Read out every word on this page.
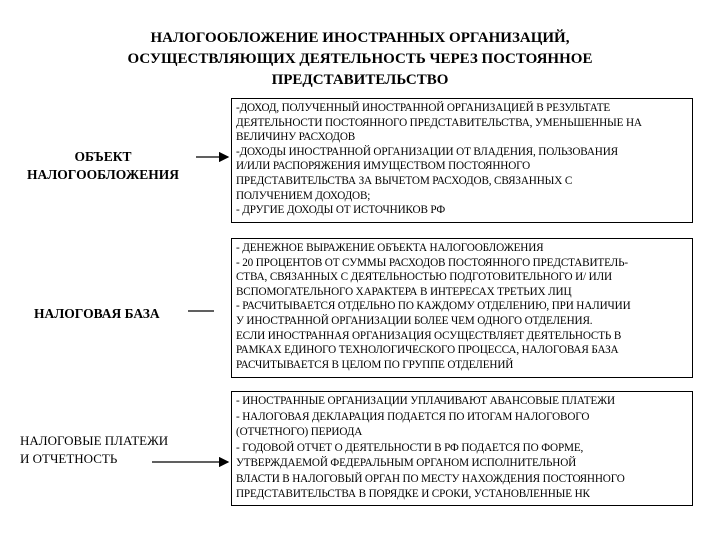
НАЛОГООБЛОЖЕНИЕ ИНОСТРАННЫХ ОРГАНИЗАЦИЙ,
ОСУЩЕСТВЛЯЮЩИХ ДЕЯТЕЛЬНОСТЬ ЧЕРЕЗ ПОСТОЯННОЕ
ПРЕДСТАВИТЕЛЬСТВО
ОБЪЕКТ
НАЛОГООБЛОЖЕНИЯ
-ДОХОД, ПОЛУЧЕННЫЙ ИНОСТРАННОЙ ОРГАНИЗАЦИЕЙ В РЕЗУЛЬТАТЕ
ДЕЯТЕЛЬНОСТИ ПОСТОЯННОГО ПРЕДСТАВИТЕЛЬСТВА, УМЕНЬШЕННЫЕ НА
ВЕЛИЧИНУ РАСХОДОВ
-ДОХОДЫ ИНОСТРАННОЙ ОРГАНИЗАЦИИ ОТ ВЛАДЕНИЯ, ПОЛЬЗОВАНИЯ
И/ИЛИ РАСПОРЯЖЕНИЯ ИМУЩЕСТВОМ ПОСТОЯННОГО
ПРЕДСТАВИТЕЛЬСТВА ЗА ВЫЧЕТОМ РАСХОДОВ, СВЯЗАННЫХ С
ПОЛУЧЕНИЕМ ДОХОДОВ;
- ДРУГИЕ ДОХОДЫ ОТ ИСТОЧНИКОВ РФ
НАЛОГОВАЯ БАЗА
- ДЕНЕЖНОЕ ВЫРАЖЕНИЕ ОБЪЕКТА НАЛОГООБЛОЖЕНИЯ
- 20 ПРОЦЕНТОВ ОТ СУММЫ РАСХОДОВ ПОСТОЯННОГО ПРЕДСТАВИТЕЛЬ-
СТВА, СВЯЗАННЫХ С ДЕЯТЕЛЬНОСТЬЮ ПОДГОТОВИТЕЛЬНОГО И/ ИЛИ
ВСПОМОГАТЕЛЬНОГО ХАРАКТЕРА В ИНТЕРЕСАХ ТРЕТЬИХ ЛИЦ
- РАСЧИТЫВАЕТСЯ ОТДЕЛЬНО ПО КАЖДОМУ ОТДЕЛЕНИЮ, ПРИ НАЛИЧИИ
У ИНОСТРАННОЙ ОРГАНИЗАЦИИ БОЛЕЕ ЧЕМ ОДНОГО ОТДЕЛЕНИЯ.
ЕСЛИ ИНОСТРАННАЯ ОРГАНИЗАЦИЯ ОСУЩЕСТВЛЯЕТ ДЕЯТЕЛЬНОСТЬ В
РАМКАХ ЕДИНОГО ТЕХНОЛОГИЧЕСКОГО ПРОЦЕССА, НАЛОГОВАЯ БАЗА
РАСЧИТЫВАЕТСЯ В ЦЕЛОМ ПО ГРУППЕ ОТДЕЛЕНИЙ
НАЛОГОВЫЕ ПЛАТЕЖИ
И ОТЧЕТНОСТЬ
- ИНОСТРАННЫЕ ОРГАНИЗАЦИИ УПЛАЧИВАЮТ АВАНСОВЫЕ ПЛАТЕЖИ
- НАЛОГОВАЯ ДЕКЛАРАЦИЯ ПОДАЕТСЯ ПО ИТОГАМ НАЛОГОВОГО
(ОТЧЕТНОГО) ПЕРИОДА
- ГОДОВОЙ ОТЧЕТ О ДЕЯТЕЛЬНОСТИ В РФ ПОДАЕТСЯ ПО ФОРМЕ,
УТВЕРЖДАЕМОЙ ФЕДЕРАЛЬНЫМ ОРГАНОМ ИСПОЛНИТЕЛЬНОЙ
ВЛАСТИ В НАЛОГОВЫЙ ОРГАН ПО МЕСТУ НАХОЖДЕНИЯ ПОСТОЯННОГО
ПРЕДСТАВИТЕЛЬСТВА В ПОРЯДКЕ И СРОКИ, УСТАНОВЛЕННЫЕ НК
